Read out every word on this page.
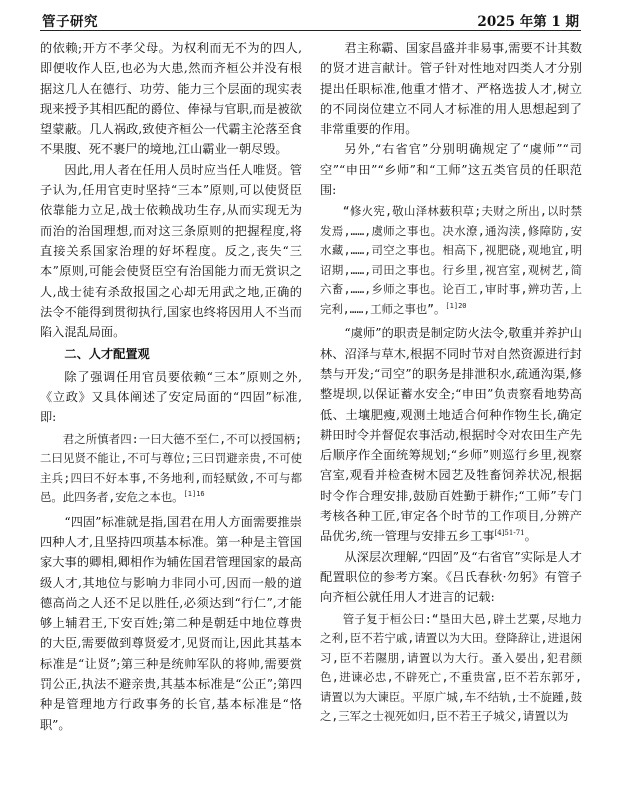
管子研究	2025 年第 1 期

的依赖;开方不孝父母。为权利而无不为的四人,即便收作人臣,也必为大患,然而齐桓公并没有根据这几人在德行、功劳、能力三个层面的现实表现来授予其相匹配的爵位、俸禄与官职,而是被欲望蒙蔽。几人祸政,致使齐桓公一代霸主沦落至食不果腹、死不裹尸的境地,江山霸业一朝尽毁。

因此,用人者在任用人员时应当任人唯贤。管子认为,任用官吏时坚持“三本”原则,可以使贤臣依靠能力立足,战士依赖战功生存,从而实现无为而治的治国理想,而对这三条原则的把握程度,将直接关系国家治理的好坏程度。反之,丧失“三本”原则,可能会使贤臣空有治国能力而无赏识之人,战士徒有杀敌报国之心却无用武之地,正确的法令不能得到贯彻执行,国家也终将因用人不当而陷入混乱局面。

二、人才配置观

除了强调任用官员要依赖“三本”原则之外,《立政》又具体阐述了安定局面的“四固”标准,即:

君之所慎者四:一曰大德不至仁,不可以授国柄;二曰见贤不能让,不可与尊位;三曰罚避亲贵,不可使主兵;四曰不好本事,不务地利,而轻赋敛,不可与都邑。此四务者,安危之本也。$^{[1]16}$

“四固”标准就是指,国君在用人方面需要推崇四种人才,且坚持四项基本标准。第一种是主管国家大事的卿相,卿相作为辅佐国君管理国家的最高级人才,其地位与影响力非同小可,因而一般的道德高尚之人还不足以胜任,必须达到“行仁”,才能够上辅君王,下安百姓;第二种是朝廷中地位尊贵的大臣,需要做到尊贤爱才,见贤而让,因此其基本标准是“让贤”;第三种是统帅军队的将帅,需要赏罚公正,执法不避亲贵,其基本标准是“公正”;第四种是管理地方行政事务的长官,基本标准是“恪职”。

君主称霸、国家昌盛并非易事,需要不计其数的贤才进言献计。管子针对性地对四类人才分别提出任职标准,他重才惜才、严格选拔人才,树立的不同岗位建立不同人才标准的用人思想起到了非常重要的作用。

另外,“右省官”分别明确规定了“虞师”“司空”“申田”“乡师”和“工师”这五类官员的任职范围:

“修火宪,敬山泽林薮积草;夫财之所出,以时禁发焉,……,虞师之事也。决水潦,通沟渎,修障防,安水藏,……,司空之事也。相高下,视肥硗,观地宜,明诏期,……,司田之事也。行乡里,视宫室,观树艺,简六畜,……,乡师之事也。论百工,审时事,辨功苦,上完利,……,工师之事也”。$^{[1]20}$

“虞师”的职责是制定防火法令,敬重并养护山林、沼泽与草木,根据不同时节对自然资源进行封禁与开发;“司空”的职务是排泄积水,疏通沟渠,修整堤坝,以保证蓄水安全;“申田”负责察看地势高低、土壤肥瘦,观测土地适合何种作物生长,确定耕田时令并督促农事活动,根据时令对农田生产先后顺序作全面统筹规划;“乡师”则巡行乡里,视察宫室,观看并检查树木园艺及牲畜饲养状况,根据时令作合理安排,鼓励百姓勤于耕作;“工师”专门考核各种工匠,审定各个时节的工作项目,分辨产品优劣,统一管理与安排五乡工事$^{[4]51-71}$。

从深层次理解,“四固”及“右省官”实际是人才配置职位的参考方案。《吕氏春秋·勿躬》有管子向齐桓公就任用人才进言的记载:

管子复于桓公曰:“垦田大邑,辟土艺粟,尽地力之利,臣不若宁戚,请置以为大田。登降辞让,进退闲习,臣不若隰朋,请置以为大行。蚤入晏出,犯君颜色,进谏必忠,不辟死亡,不重贵富,臣不若东郭牙,请置以为大谏臣。平原广城,车不结轨,士不旋踵,鼓之,三军之士视死如归,臣不若王子城父,请置以为
